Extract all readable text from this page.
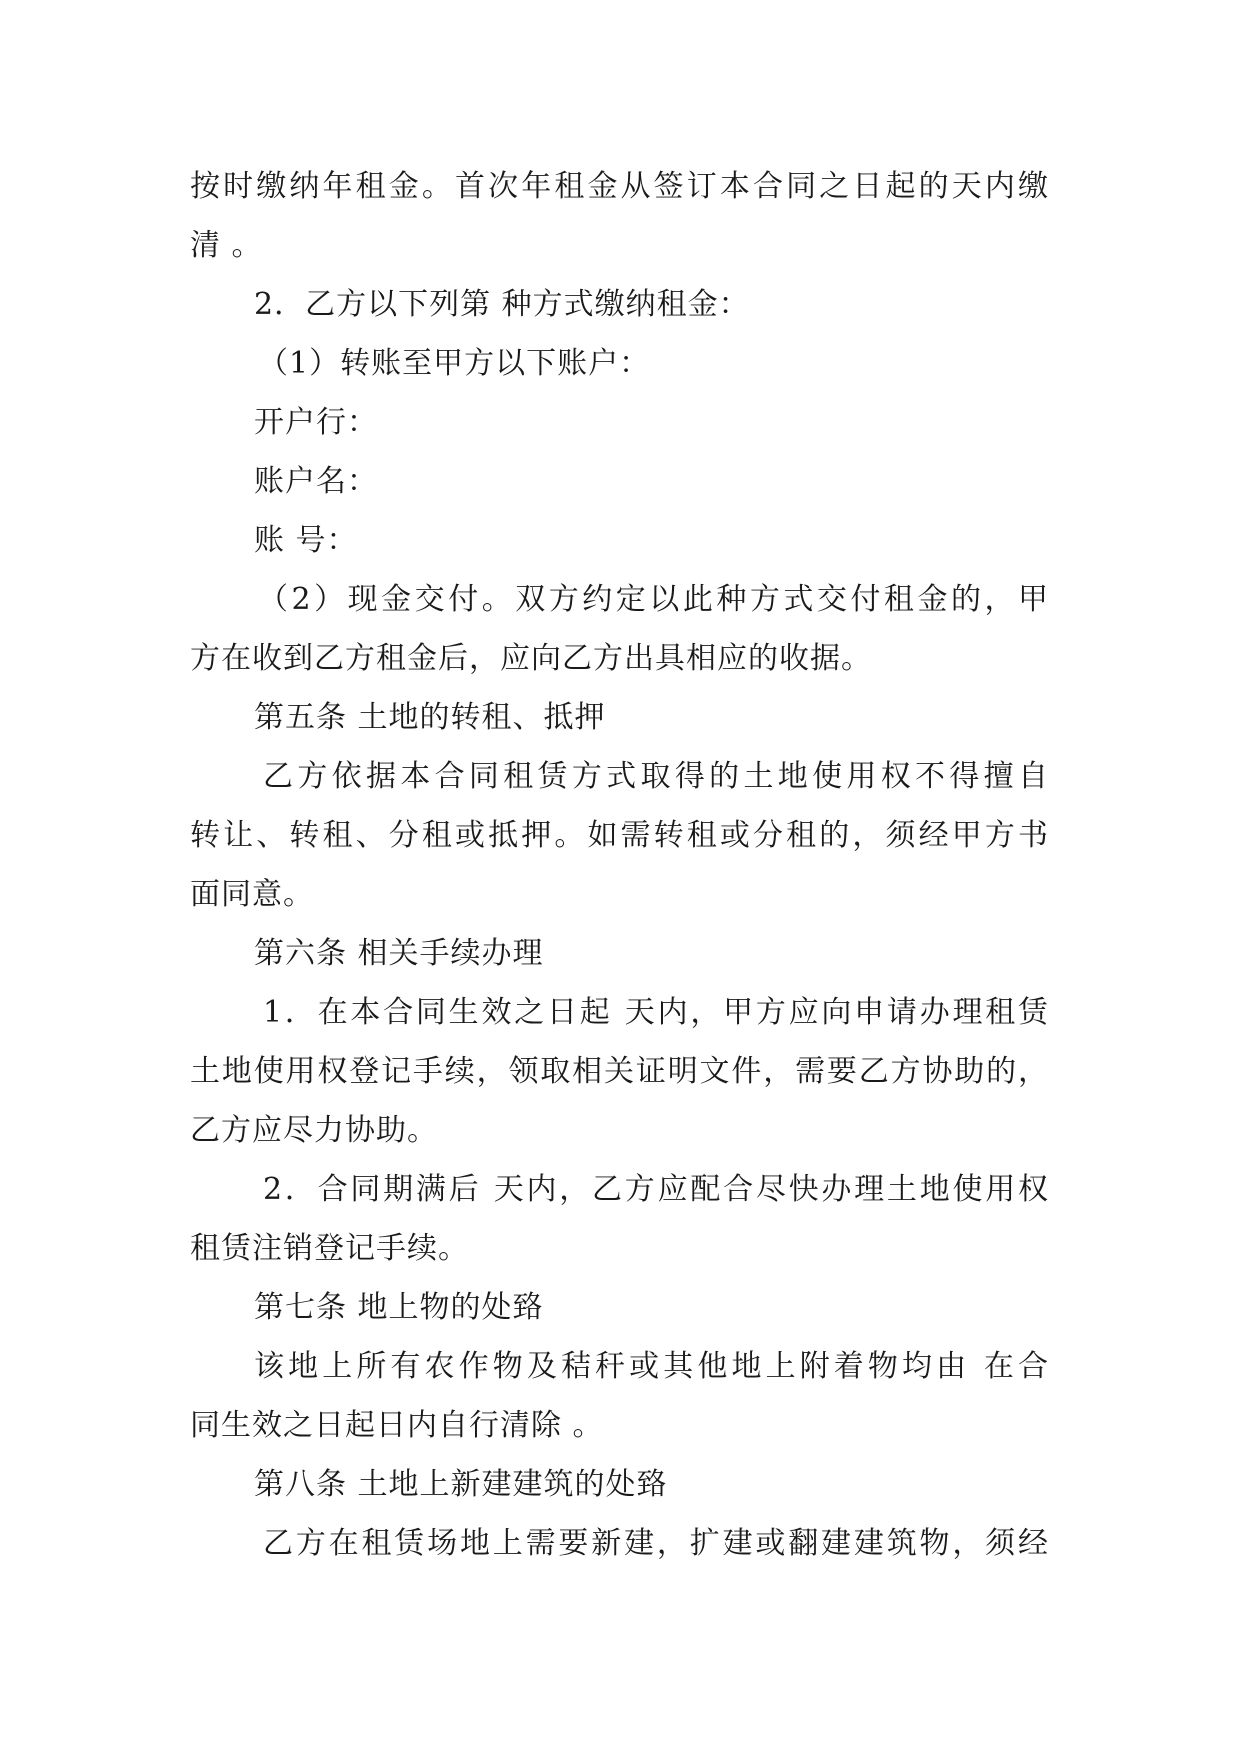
按时缴纳年租金。首次年租金从签订本合同之日起的天内缴
清 。
2．乙方以下列第 种方式缴纳租金：
（1）转账至甲方以下账户：
开户行：
账户名：
账 号：
（2）现金交付。双方约定以此种方式交付租金的，甲
方在收到乙方租金后，应向乙方出具相应的收据。
第五条 土地的转租、抵押
乙方依据本合同租赁方式取得的土地使用权不得擅自
转让、转租、分租或抵押。如需转租或分租的，须经甲方书
面同意。
第六条 相关手续办理
1．在本合同生效之日起 天内，甲方应向申请办理租赁
土地使用权登记手续，领取相关证明文件，需要乙方协助的，
乙方应尽力协助。
2．合同期满后 天内，乙方应配合尽快办理土地使用权
租赁注销登记手续。
第七条 地上物的处臵
该地上所有农作物及秸秆或其他地上附着物均由 在合
同生效之日起日内自行清除 。
第八条 土地上新建建筑的处臵
乙方在租赁场地上需要新建，扩建或翻建建筑物，须经
